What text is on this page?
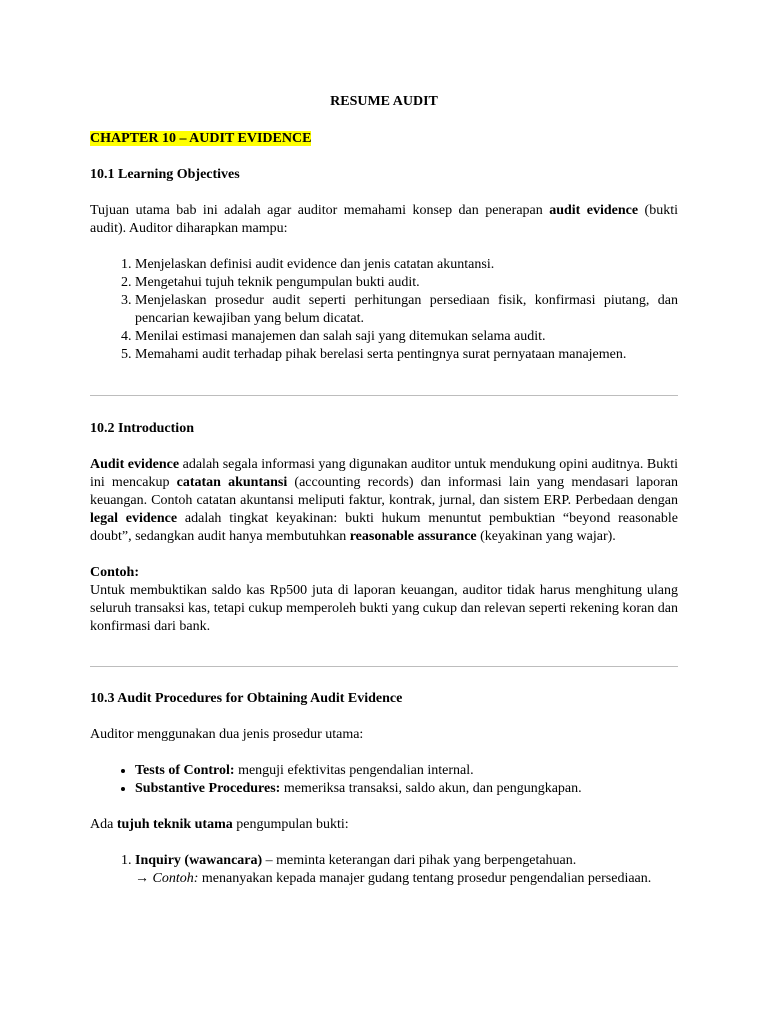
RESUME AUDIT

CHAPTER 10 – AUDIT EVIDENCE

10.1 Learning Objectives

Tujuan utama bab ini adalah agar auditor memahami konsep dan penerapan audit evidence (bukti audit). Auditor diharapkan mampu:

1. Menjelaskan definisi audit evidence dan jenis catatan akuntansi.
2. Mengetahui tujuh teknik pengumpulan bukti audit.
3. Menjelaskan prosedur audit seperti perhitungan persediaan fisik, konfirmasi piutang, dan pencarian kewajiban yang belum dicatat.
4. Menilai estimasi manajemen dan salah saji yang ditemukan selama audit.
5. Memahami audit terhadap pihak berelasi serta pentingnya surat pernyataan manajemen.
10.2 Introduction

Audit evidence adalah segala informasi yang digunakan auditor untuk mendukung opini auditnya. Bukti ini mencakup catatan akuntansi (accounting records) dan informasi lain yang mendasari laporan keuangan. Contoh catatan akuntansi meliputi faktur, kontrak, jurnal, dan sistem ERP. Perbedaan dengan legal evidence adalah tingkat keyakinan: bukti hukum menuntut pembuktian “beyond reasonable doubt”, sedangkan audit hanya membutuhkan reasonable assurance (keyakinan yang wajar).

Contoh:

Untuk membuktikan saldo kas Rp500 juta di laporan keuangan, auditor tidak harus menghitung ulang seluruh transaksi kas, tetapi cukup memperoleh bukti yang cukup dan relevan seperti rekening koran dan konfirmasi dari bank.

10.3 Audit Procedures for Obtaining Audit Evidence

Auditor menggunakan dua jenis prosedur utama:

• Tests of Control: menguji efektivitas pengendalian internal.
• Substantive Procedures: memeriksa transaksi, saldo akun, dan pengungkapan.

Ada tujuh teknik utama pengumpulan bukti:

1. Inquiry (wawancara) – meminta keterangan dari pihak yang berpengetahuan.
→ Contoh: menanyakan kepada manajer gudang tentang prosedur pengendalian persediaan.
